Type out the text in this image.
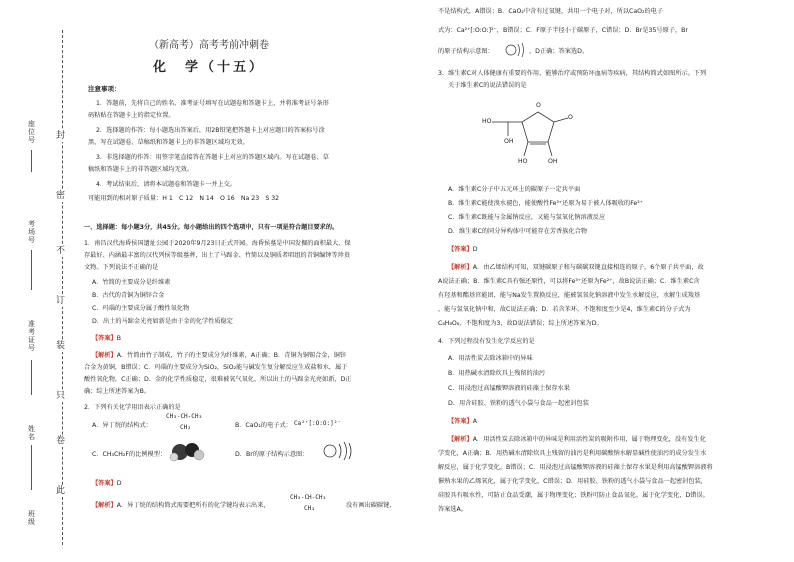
封
密
不
订
装
只
卷
此
座位号
考场号
准考证号
姓名
班级
（新高考）高考考前冲刺卷
化　学（十五）
注意事项：
1．答题前，先将自己的姓名、准考证号填写在试题卷和答题卡上，并将准考证号条形
码粘贴在答题卡上的指定位置。
2．选择题的作答：每小题选出答案后，用2B铅笔把答题卡上对应题目的答案标号涂
黑，写在试题卷、草稿纸和答题卡上的非答题区域均无效。
3．非选择题的作答：用签字笔直接答在答题卡上对应的答题区域内。写在试题卷、草
稿纸和答题卡上的非答题区域均无效。
4．考试结束后，请将本试题卷和答题卡一并上交。
可能用到的相对原子质量：H 1　C 12　N 14　O 16　Na 23　S 32
一、选择题：每小题3分，共45分。每小题给出的四个选项中，只有一项是符合题目要求的。
1．南昌汉代海昏侯国遗址公园于2020年9月23日正式开园。海昏侯墓是中国发掘的面积最大、保
存最好、内涵最丰富的汉代列侯等级墓葬，出土了马蹄金、竹简以及铜质者唱组的青铜编钟等珍贵
文物。下列说法不正确的是
A．竹简的主要成分是纤维素
B．古代的青铜为铜锌合金
C．玛瑙的主要成分属于酸性氧化物
D．出土的马蹄金光亮如新是由于金的化学性质稳定
【答案】B
【解析】A．竹简由竹子制成，竹子的主要成分为纤维素，A正确；B．青铜为铜锡合金，铜锌
合金为黄铜，B错误；C．玛瑙的主要成分为SiO₂，SiO₂能与碱发生复分解反应生成盐和水，属于
酸性氧化物，C正确；D．金的化学性质稳定，很难被氧气氧化，所以出土的马蹄金光亮如新，D正
确；综上所述答案为B。
2．下列有关化学用语表示正确的是
A．异丁烷的结构式：
CH₃-CH-CH₃
CH₃	B．CaO₂的电子式： Ca²⁺[:O:O:]²⁻
C．CH₃CH₂F的比例模型：	D．Br的原子结构示意图：
【答案】D
【解析】A．异丁烷的结构简式需要把所有的化学键均表示出来，
CH₃-CH-CH₃
CH₃	没有画出碳碳键，
不是结构式，A错误；B．CaO₂中含有过氧键，共用一个电子对，所以CaO₂的电子
式为：Ca²⁺[:O:O:]²⁻，B错误；C．F原子半径小于碳原子，C错误；D．Br是35号原子，Br
的原子结构示意图：	，D正确；答案选D。
3．维生素C对人体健康有重要的作用，能够治疗或预防坏血病等疾病，其结构简式如图所示。下列
关于维生素C的说法错误的是
O
OH
O
HO
OH
HO
A．维生素C分子中五元环上的碳原子一定共平面
B．维生素C能使溴水褪色，能使酸性Fe³⁺还原为易于被人体吸收的Fe²⁺
C．维生素C既能与金属钠反应，又能与氢氧化钠溶液反应
D．维生素C的同分异构体中可能存在芳香族化合物
【答案】D
【解析】A．由乙烯结构可知，双键碳原子和与碳碳双键直接相连的原子，6个原子共平面，故
A说法正确；B．维生素C具有强还原性，可以将Fe³⁺还原为Fe²⁺，故B说法正确；C．维生素C含
有羟基和酯基官能团，能与Na发生置换反应，能被氢氧化钠溶液中发生水解反应，水解生成羧基
，能与氢氧化钠中和，故C说法正确；D．若含苯环，不饱和度至少是4，维生素C的分子式为
C₆H₈O₆，不饱和度为3，故D说法错误；综上所述答案为D。
4．下列过程没有发生化学反应的是
A．用活性炭去除冰箱中的异味
B．用热碱水清除炊具上残留的油污
C．用浸泡过高锰酸钾溶液的硅藻土保存水果
D．用含硅胶、铁粉的透气小袋与食品一起密封包装
【答案】A
【解析】A．用活性炭去除冰箱中的异味是利用活性炭的吸附作用，属于物理变化，没有发生化
学变化，A正确；B．用热碱水清除炊具上残留的油污是利用碳酸钠水解显碱性使油污的成分发生水
解反应，属于化学变化，B错误；C．用浸泡过高锰酸钾溶液的硅藻土保存水果是利用高锰酸钾溶液将
催熟水果的乙烯氧化，属于化学变化，C错误；D．用硅胶、铁粉的透气小袋与食品一起密封包装，
硅胶具有吸水性，可防止食品受潮，属于物理变化；铁粉可防止食品氧化，属于化学变化，D错误。
答案选A。
